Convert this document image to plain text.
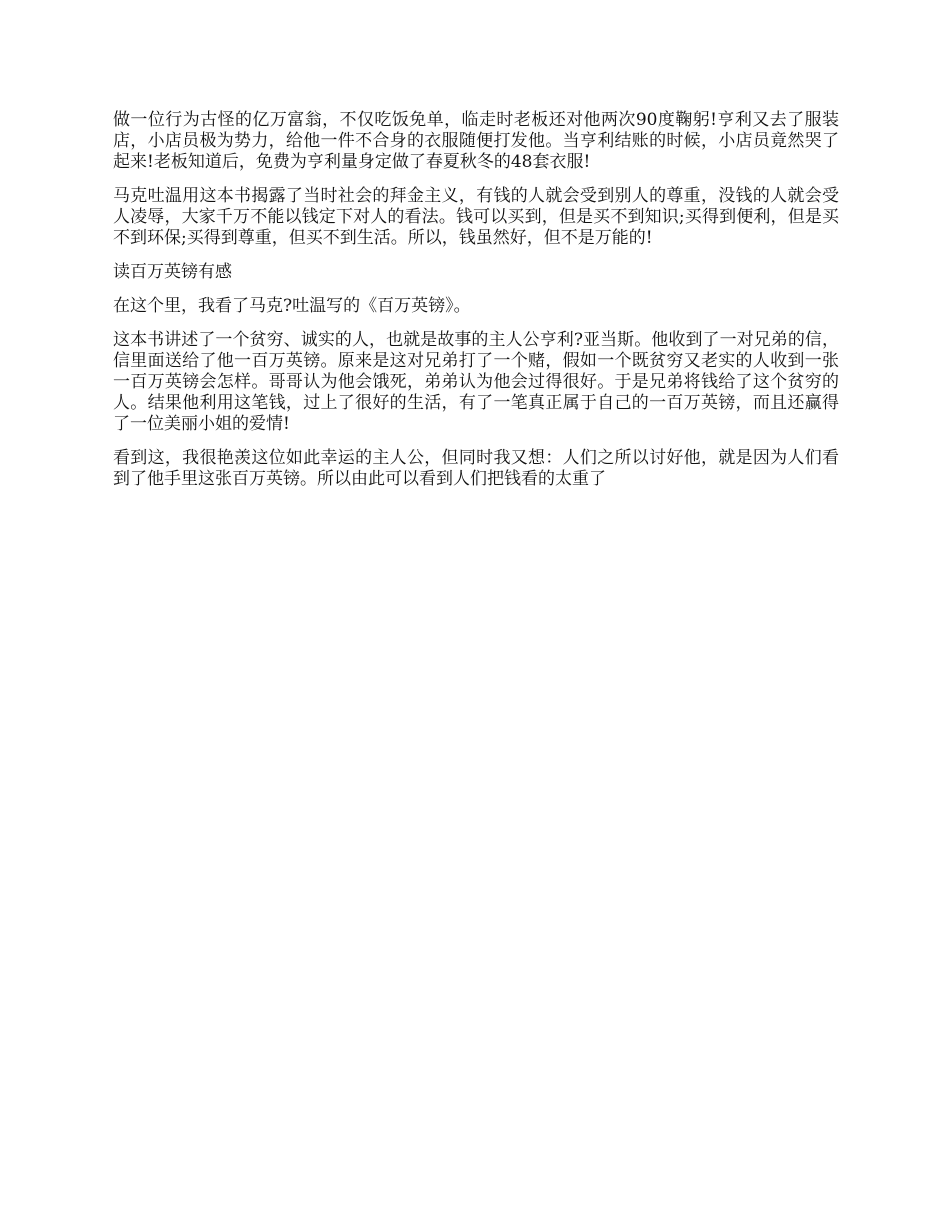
做一位行为古怪的亿万富翁，不仅吃饭免单，临走时老板还对他两次90度鞠躬!亨利又去了服装店，小店员极为势力，给他一件不合身的衣服随便打发他。当亨利结账的时候，小店员竟然哭了起来!老板知道后，免费为亨利量身定做了春夏秋冬的48套衣服!

马克吐温用这本书揭露了当时社会的拜金主义，有钱的人就会受到别人的尊重，没钱的人就会受人凌辱，大家千万不能以钱定下对人的看法。钱可以买到，但是买不到知识;买得到便利，但是买不到环保;买得到尊重，但买不到生活。所以，钱虽然好，但不是万能的!

读百万英镑有感

在这个里，我看了马克?吐温写的《百万英镑》。

这本书讲述了一个贫穷、诚实的人，也就是故事的主人公亨利?亚当斯。他收到了一对兄弟的信，信里面送给了他一百万英镑。原来是这对兄弟打了一个赌，假如一个既贫穷又老实的人收到一张一百万英镑会怎样。哥哥认为他会饿死，弟弟认为他会过得很好。于是兄弟将钱给了这个贫穷的人。结果他利用这笔钱，过上了很好的生活，有了一笔真正属于自己的一百万英镑，而且还赢得了一位美丽小姐的爱情!

看到这，我很艳羡这位如此幸运的主人公，但同时我又想：人们之所以讨好他，就是因为人们看到了他手里这张百万英镑。所以由此可以看到人们把钱看的太重了
